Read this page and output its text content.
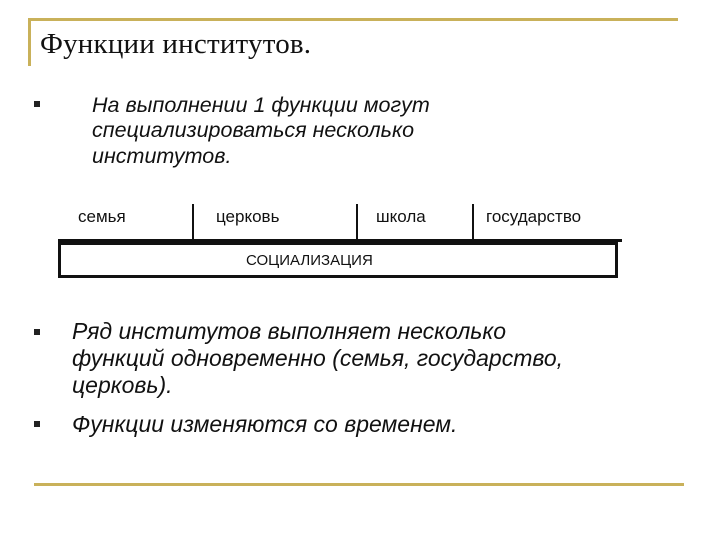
Функции институтов.
На выполнении 1 функции могут
специализироваться несколько
институтов.
семья	церковь	школа	государство
СОЦИАЛИЗАЦИЯ
Ряд институтов выполняет несколько
функций одновременно (семья, государство,
церковь).
Функции изменяются со временем.
